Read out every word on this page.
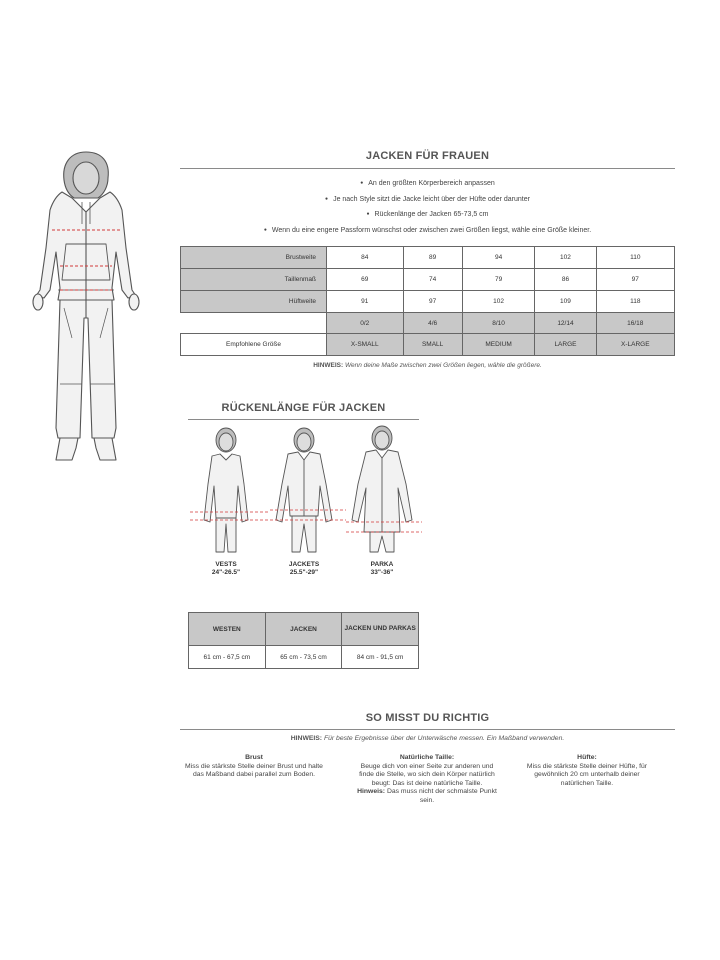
JACKEN FÜR FRAUEN
● An den größten Körperbereich anpassen
● Je nach Style sitzt die Jacke leicht über der Hüfte oder darunter
● Rückenlänge der Jacken 65-73,5 cm
● Wenn du eine engere Passform wünschst oder zwischen zwei Größen liegst, wähle eine Größe kleiner.
Brustweite	84	89	94	102	110
Taillenmaß	69	74	79	86	97
Hüftweite	91	97	102	109	118
	0/2	4/6	8/10	12/14	16/18
Empfohlene Größe	X-SMALL	SMALL	MEDIUM	LARGE	X-LARGE
HINWEIS: Wenn deine Maße zwischen zwei Größen liegen, wähle die größere.
RÜCKENLÄNGE FÜR JACKEN
VESTS
24"-26.5"
JACKETS
25.5"-29"
PARKA
33"-36"
WESTEN	JACKEN	JACKEN UND PARKAS
61 cm - 67,5 cm	65 cm - 73,5 cm	84 cm - 91,5 cm
SO MISST DU RICHTIG
HINWEIS: Für beste Ergebnisse über der Unterwäsche messen. Ein Maßband verwenden.
Brust
Miss die stärkste Stelle deiner Brust und halte das Maßband dabei parallel zum Boden.
Natürliche Taille:
Beuge dich von einer Seite zur anderen und finde die Stelle, wo sich dein Körper natürlich beugt: Das ist deine natürliche Taille. Hinweis: Das muss nicht der schmalste Punkt sein.
Hüfte:
Miss die stärkste Stelle deiner Hüfte, für gewöhnlich 20 cm unterhalb deiner natürlichen Taille.
